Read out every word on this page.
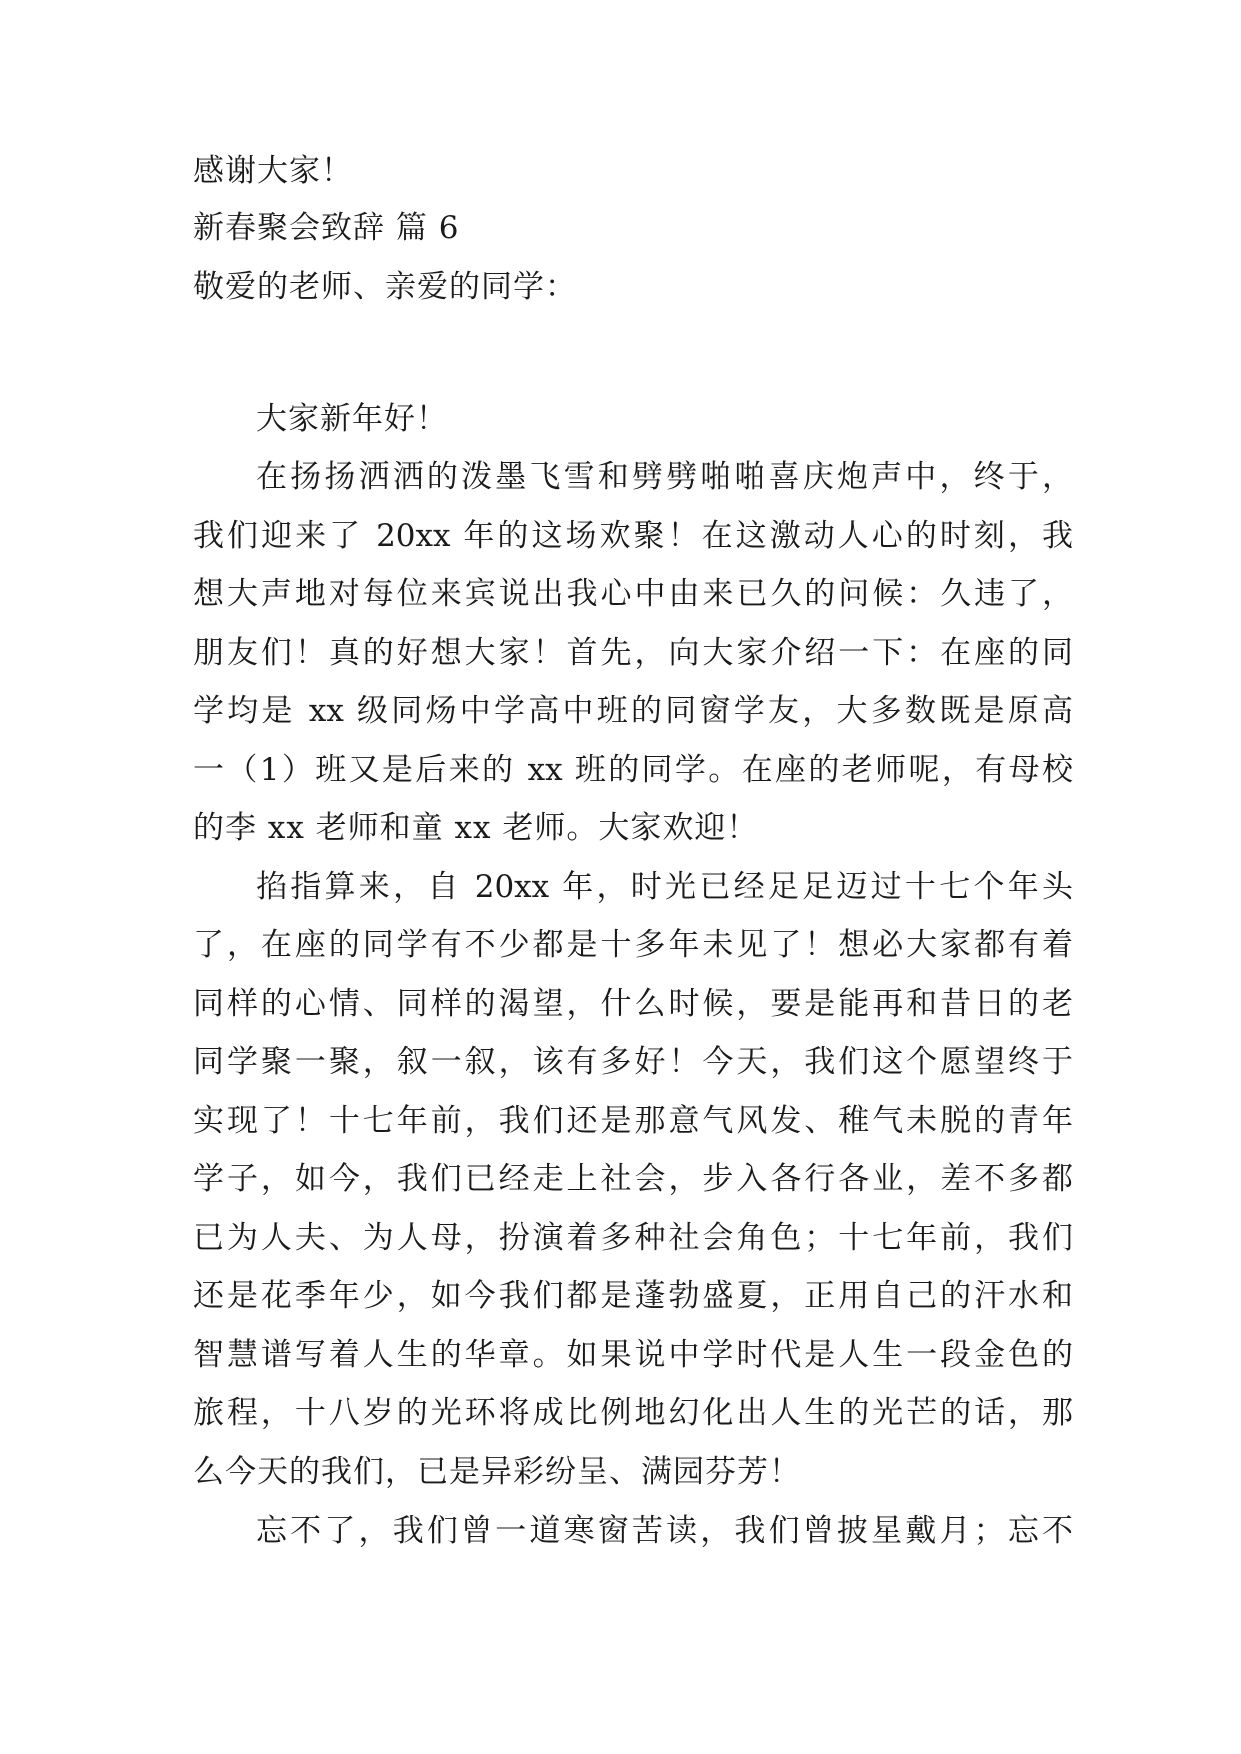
感谢大家！
新春聚会致辞 篇 6
敬爱的老师、亲爱的同学：
大家新年好！
在扬扬洒洒的泼墨飞雪和劈劈啪啪喜庆炮声中，终于，
我们迎来了 20xx 年的这场欢聚！在这激动人心的时刻，我
想大声地对每位来宾说出我心中由来已久的问候：久违了，
朋友们！真的好想大家！首先，向大家介绍一下：在座的同
学均是 xx 级同炀中学高中班的同窗学友，大多数既是原高
一（1）班又是后来的 xx 班的同学。在座的老师呢，有母校
的李 xx 老师和童 xx 老师。大家欢迎！
掐指算来，自 20xx 年，时光已经足足迈过十七个年头
了，在座的同学有不少都是十多年未见了！想必大家都有着
同样的心情、同样的渴望，什么时候，要是能再和昔日的老
同学聚一聚，叙一叙，该有多好！今天，我们这个愿望终于
实现了！十七年前，我们还是那意气风发、稚气未脱的青年
学子，如今，我们已经走上社会，步入各行各业，差不多都
已为人夫、为人母，扮演着多种社会角色；十七年前，我们
还是花季年少，如今我们都是蓬勃盛夏，正用自己的汗水和
智慧谱写着人生的华章。如果说中学时代是人生一段金色的
旅程，十八岁的光环将成比例地幻化出人生的光芒的话，那
么今天的我们，已是异彩纷呈、满园芬芳！
忘不了，我们曾一道寒窗苦读，我们曾披星戴月；忘不
